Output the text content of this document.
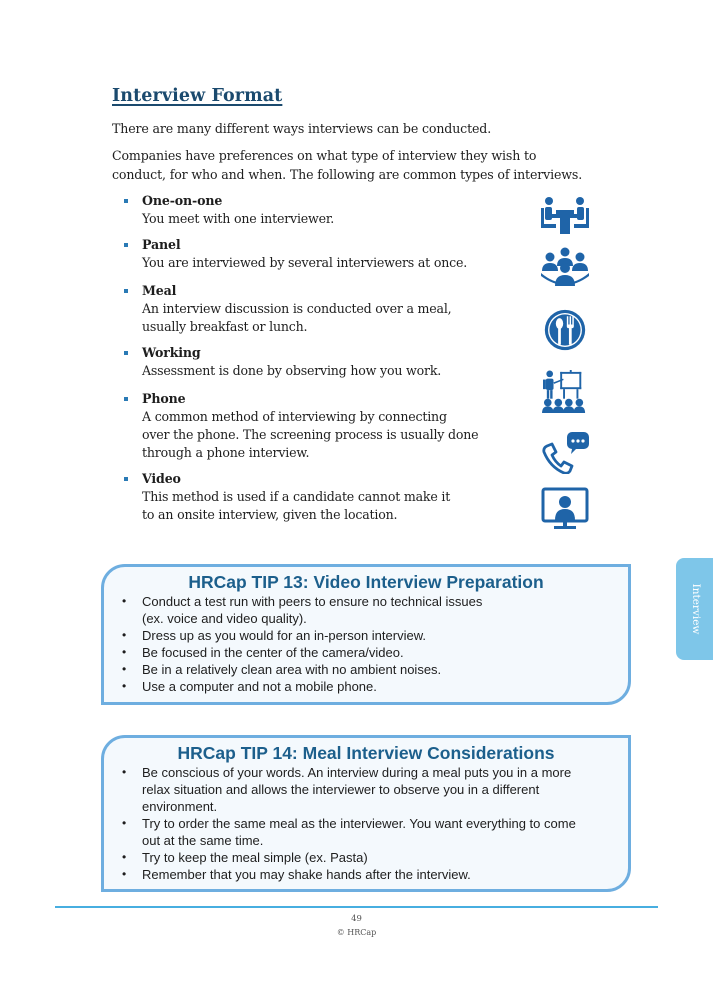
Interview Format
There are many different ways interviews can be conducted.
Companies have preferences on what type of interview they wish to
conduct, for who and when. The following are common types of interviews.
One-on-one
You meet with one interviewer.
Panel
You are interviewed by several interviewers at once.
Meal
An interview discussion is conducted over a meal,
usually breakfast or lunch.
Working
Assessment is done by observing how you work.
Phone
A common method of interviewing by connecting
over the phone. The screening process is usually done
through a phone interview.
Video
This method is used if a candidate cannot make it
to an onsite interview, given the location.
HRCap TIP 13: Video Interview Preparation
• Conduct a test run with peers to ensure no technical issues
(ex. voice and video quality).
• Dress up as you would for an in-person interview.
• Be focused in the center of the camera/video.
• Be in a relatively clean area with no ambient noises.
• Use a computer and not a mobile phone.
HRCap TIP 14: Meal Interview Considerations
• Be conscious of your words. An interview during a meal puts you in a more
relax situation and allows the interviewer to observe you in a different
environment.
• Try to order the same meal as the interviewer. You want everything to come
out at the same time.
• Try to keep the meal simple (ex. Pasta)
• Remember that you may shake hands after the interview.
Interview
49
© HRCap
